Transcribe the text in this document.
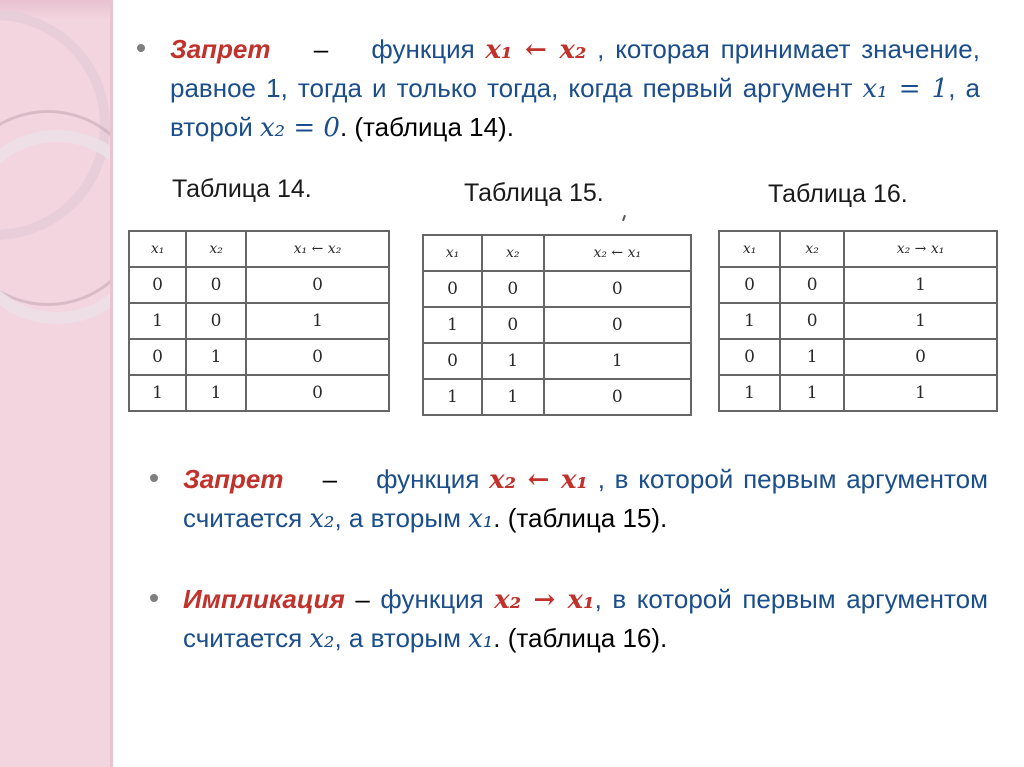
Запрет – функция x₁ ← x₂ , которая принимает значение, равное 1, тогда и только тогда, когда первый аргумент x₁ = 1, а второй x₂ = 0. (таблица 14).
Таблица 14.	Таблица 15.	Таблица 16.
x₁	x₂	x₁ ← x₂
0	0	0
1	0	1
0	1	0
1	1	0
x₁	x₂	x₂ ← x₁
0	0	0
1	0	0
0	1	1
1	1	0
x₁	x₂	x₂ → x₁
0	0	1
1	0	1
0	1	0
1	1	1
Запрет – функция x₂ ← x₁ , в которой первым аргументом считается x₂, а вторым x₁. (таблица 15).
Импликация – функция x₂ → x₁, в которой первым аргументом считается x₂, а вторым x₁. (таблица 16).
